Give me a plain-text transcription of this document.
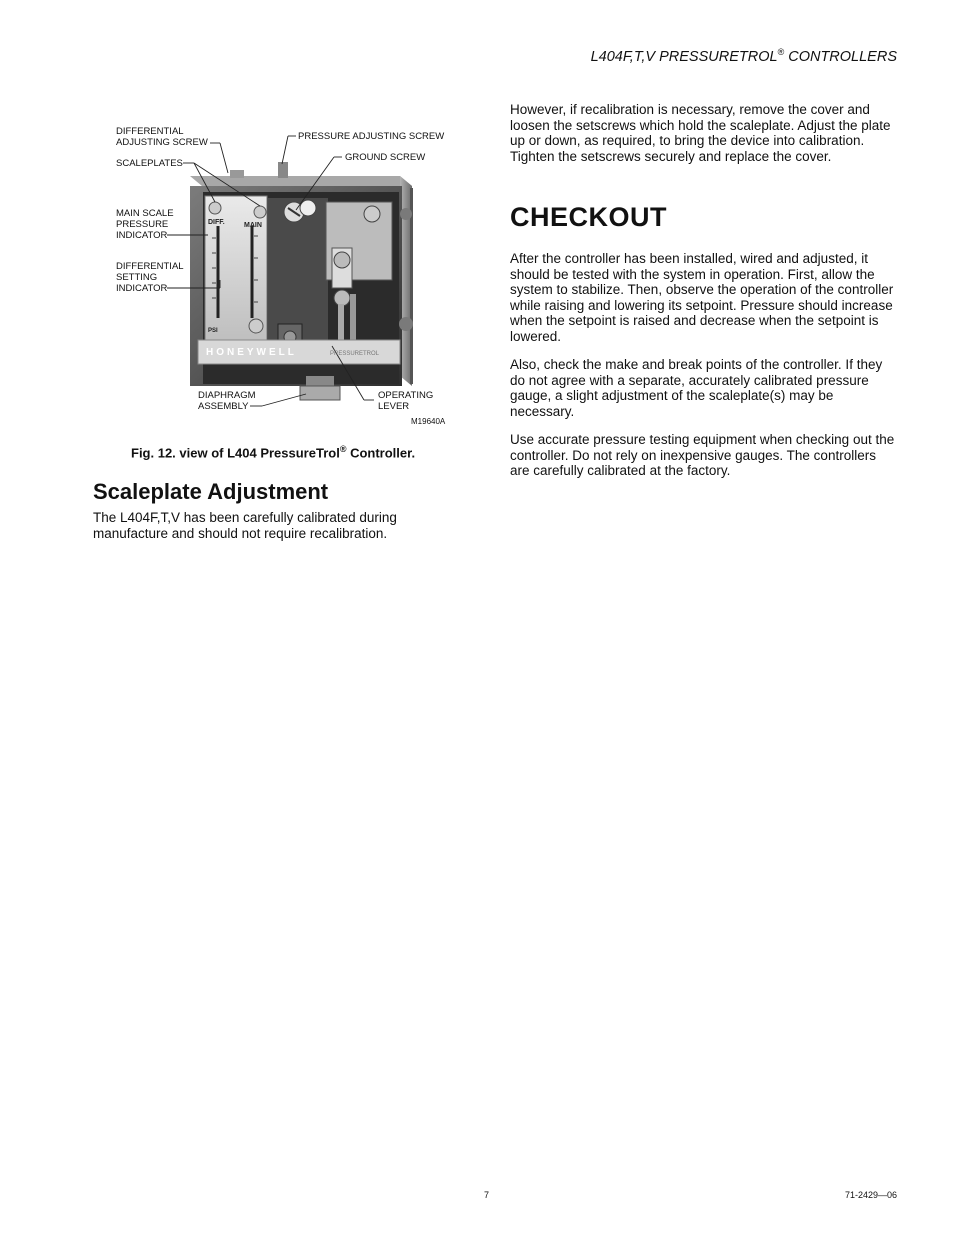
L404F,T,V PRESSURETROL® CONTROLLERS
DIFF.	MAIN
PSI
HONEYWELL	PRESSURETROL
DIFFERENTIAL
ADJUSTING SCREW
SCALEPLATES
MAIN SCALE
PRESSURE
INDICATOR
DIFFERENTIAL
SETTING
INDICATOR
PRESSURE ADJUSTING SCREW
GROUND SCREW
DIAPHRAGM
ASSEMBLY
OPERATING
LEVER
M19640A
Fig. 12. view of L404 PressureTrol® Controller.
Scaleplate Adjustment

The L404F,T,V has been carefully calibrated during manufacture and should not require recalibration.

However, if recalibration is necessary, remove the cover and loosen the setscrews which hold the scaleplate. Adjust the plate up or down, as required, to bring the device into calibration. Tighten the setscrews securely and replace the cover.

CHECKOUT

After the controller has been installed, wired and adjusted, it should be tested with the system in operation. First, allow the system to stabilize. Then, observe the operation of the controller while raising and lowering its setpoint. Pressure should increase when the setpoint is raised and decrease when the setpoint is lowered.

Also, check the make and break points of the controller. If they do not agree with a separate, accurately calibrated pressure gauge, a slight adjustment of the scaleplate(s) may be necessary.

Use accurate pressure testing equipment when checking out the controller. Do not rely on inexpensive gauges. The controllers are carefully calibrated at the factory.

7	71-2429—06
